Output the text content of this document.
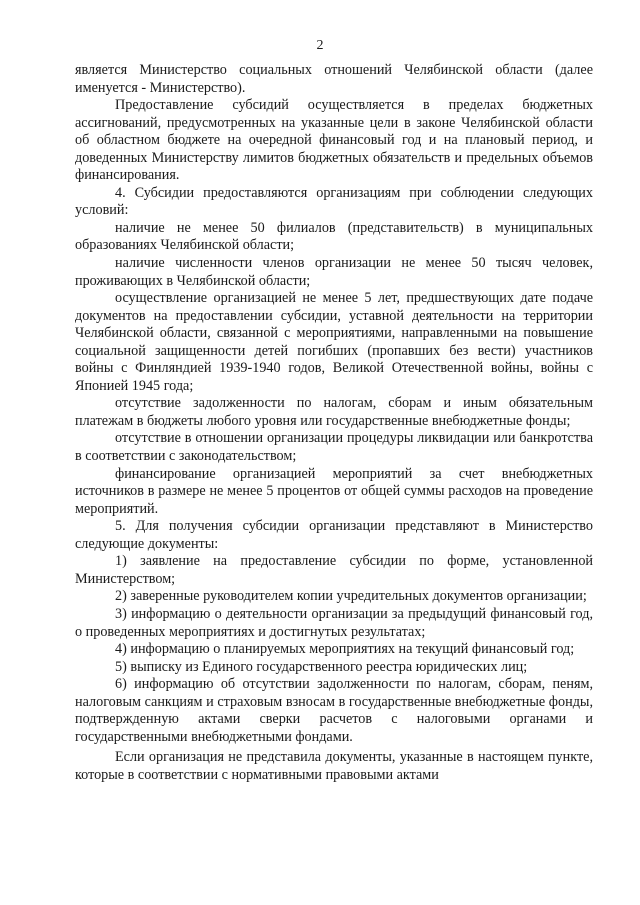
2

является Министерство социальных отношений Челябинской области (далее именуется - Министерство).

Предоставление субсидий осуществляется в пределах бюджетных ассигнований, предусмотренных на указанные цели в законе Челябинской области об областном бюджете на очередной финансовый год и на плановый период, и доведенных Министерству лимитов бюджетных обязательств и предельных объемов финансирования.

4. Субсидии предоставляются организациям при соблюдении следующих условий:

наличие не менее 50 филиалов (представительств) в муниципальных образованиях Челябинской области;

наличие численности членов организации не менее 50 тысяч человек, проживающих в Челябинской области;

осуществление организацией не менее 5 лет, предшествующих дате подаче документов на предоставлении субсидии, уставной деятельности на территории Челябинской области, связанной с мероприятиями, направленными на повышение социальной защищенности детей погибших (пропавших без вести) участников войны с Финляндией 1939-1940 годов, Великой Отечественной войны, войны с Японией 1945 года;

отсутствие задолженности по налогам, сборам и иным обязательным платежам в бюджеты любого уровня или государственные внебюджетные фонды;

отсутствие в отношении организации процедуры ликвидации или банкротства в соответствии с законодательством;

финансирование организацией мероприятий за счет внебюджетных источников в размере не менее 5 процентов от общей суммы расходов на проведение мероприятий.

5. Для получения субсидии организации представляют в Министерство следующие документы:

1) заявление на предоставление субсидии по форме, установленной Министерством;

2) заверенные руководителем копии учредительных документов организации;

3) информацию о деятельности организации за предыдущий финансовый год, о проведенных мероприятиях и достигнутых результатах;

4) информацию о планируемых мероприятиях на текущий финансовый год;

5) выписку из Единого государственного реестра юридических лиц;

6) информацию об отсутствии задолженности по налогам, сборам, пеням, налоговым санкциям и страховым взносам в государственные внебюджетные фонды, подтвержденную актами сверки расчетов с налоговыми органами и государственными внебюджетными фондами.

Если организация не представила документы, указанные в настоящем пункте, которые в соответствии с нормативными правовыми актами
